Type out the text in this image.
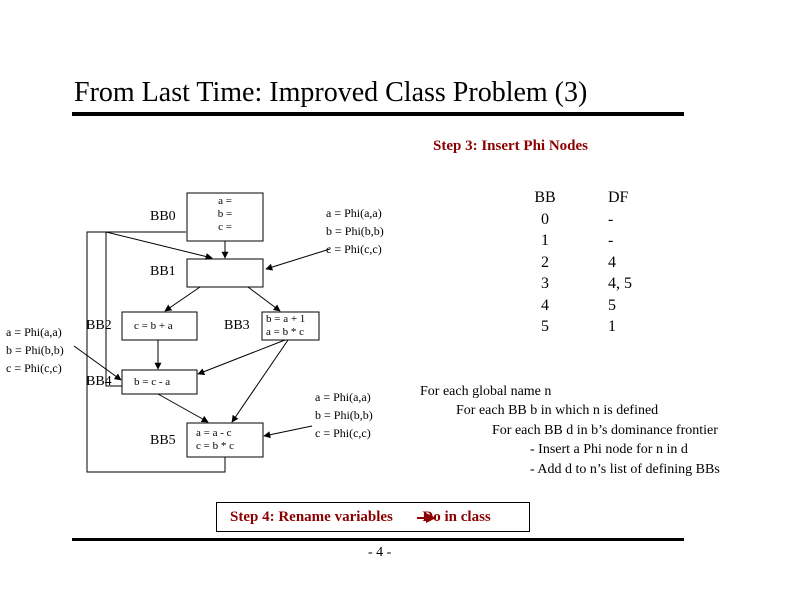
From Last Time: Improved Class Problem (3)
Step 3: Insert Phi Nodes
BB0
BB1
BB2	BB3
BB4
BB5
a =
b =
c =
c = b + a
b = a + 1
a = b * c
b = c - a
a = a - c
c = b * c
a = Phi(a,a)
b = Phi(b,b)
c = Phi(c,c)
a = Phi(a,a)
b = Phi(b,b)
c = Phi(c,c)
a = Phi(a,a)
b = Phi(b,b)
c = Phi(c,c)
BB
0
1
2
3
4
5
DF
-
-
4
4, 5
5
1
For each global name n
For each BB b in which n is defined
For each BB d in b’s dominance frontier
- Insert a Phi node for n in d
- Add d to n’s list of defining BBs
Step 4: Rename variables  Do in class
- 4 -
